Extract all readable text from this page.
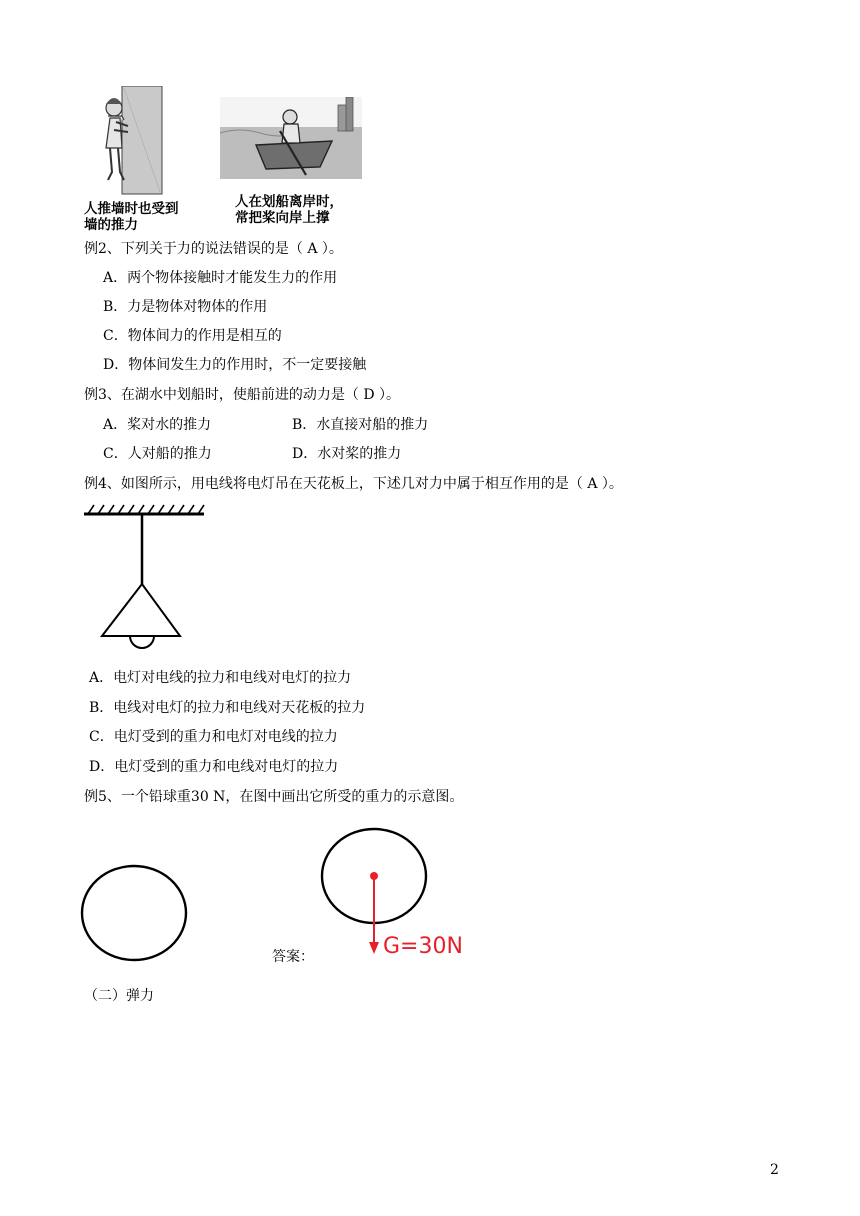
人推墙时也受到
墙的推力
人在划船离岸时，
常把桨向岸上撑
例2、下列关于力的说法错误的是（ A ）。
A．两个物体接触时才能发生力的作用
B．力是物体对物体的作用
C．物体间力的作用是相互的
D．物体间发生力的作用时，不一定要接触
例3、在湖水中划船时，使船前进的动力是（ D ）。
A．桨对水的推力	B．水直接对船的推力
C．人对船的推力	D．水对桨的推力
例4、如图所示，用电线将电灯吊在天花板上，下述几对力中属于相互作用的是（ A ）。
A．电灯对电线的拉力和电线对电灯的拉力
B．电线对电灯的拉力和电线对天花板的拉力
C．电灯受到的重力和电灯对电线的拉力
D．电灯受到的重力和电线对电灯的拉力
例5、一个铅球重30 N，在图中画出它所受的重力的示意图。
答案：	G=30N
（二）弹力
2
